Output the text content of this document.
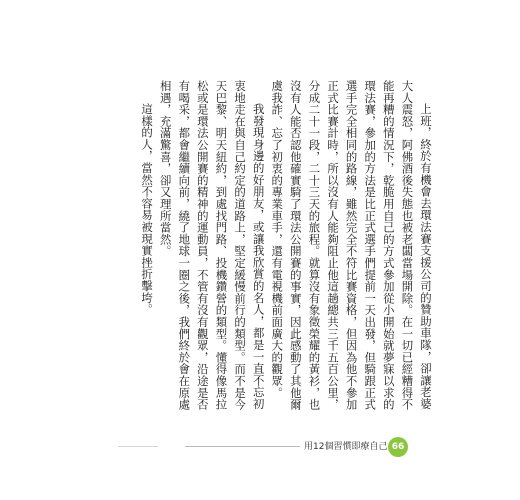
上班，終於有機會去環法賽支援公司的贊助車隊，卻讓老婆大人震怒，阿佛酒後失態也被老闆當場開除。在一切已經糟得不能再糟的情況下，乾脆用自己的方式參加從小開始就夢寐以求的環法賽，參加的方法是比正式選手們提前一天出發，但騎跟正式選手完全相同的路線，雖然完全不符比賽資格，但因為他不參加正式比賽計時，所以沒有人能夠阻止他這趟總共三千五百公里，分成二十一段，二十三天的旅程。就算沒有象徵榮耀的黃衫，也沒有人能否認他確實騎了環法公開賽的事實，因此感動了其他爾虞我詐、忘了初衷的專業車手，還有電視機前面廣大的觀眾。

我發現身邊的好朋友，或讓我欣賞的名人，都是一直不忘初衷地走在與自己約定的道路上，堅定緩慢前行的類型。而不是今天巴黎、明天紐約，到處找門路、投機鑽營的類型。懂得像馬拉松或是環法公開賽的精神的運動員，不管有沒有觀眾，沿途是否有喝采，都會繼續向前，繞了地球一圈之後，我們終於會在原處相遇，充滿驚喜，卻又理所當然。

這樣的人，當然不容易被現實挫折擊垮。

用12個習慣即療自己 66
